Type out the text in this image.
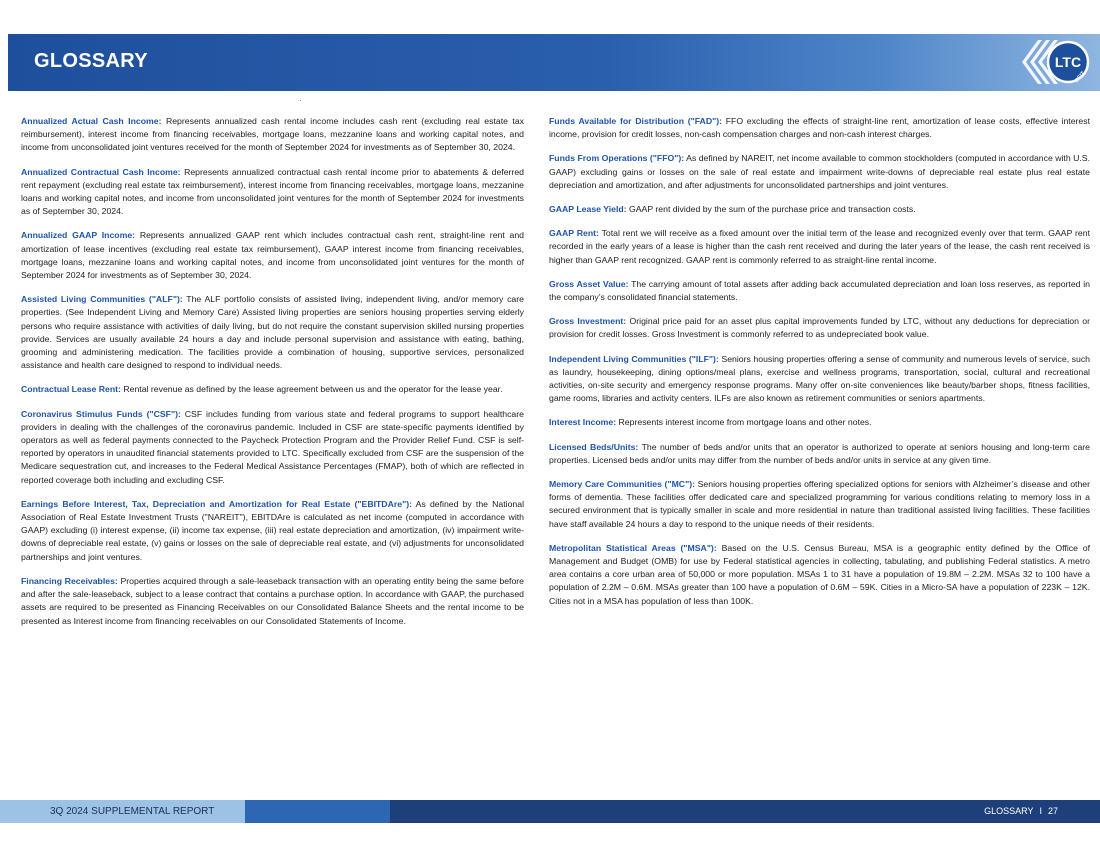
GLOSSARY	LTC
REIT
Annualized Actual Cash Income: Represents annualized cash rental income includes cash rent (excluding real estate tax reimbursement), interest income from financing receivables, mortgage loans, mezzanine loans and working capital notes, and income from unconsolidated joint ventures received for the month of September 2024 for investments as of September 30, 2024.
Annualized Contractual Cash Income: Represents annualized contractual cash rental income prior to abatements & deferred rent repayment (excluding real estate tax reimbursement), interest income from financing receivables, mortgage loans, mezzanine loans and working capital notes, and income from unconsolidated joint ventures for the month of September 2024 for investments as of September 30, 2024.
Annualized GAAP Income: Represents annualized GAAP rent which includes contractual cash rent, straight-line rent and amortization of lease incentives (excluding real estate tax reimbursement), GAAP interest income from financing receivables, mortgage loans, mezzanine loans and working capital notes, and income from unconsolidated joint ventures for the month of September 2024 for investments as of September 30, 2024.
Assisted Living Communities ("ALF"): The ALF portfolio consists of assisted living, independent living, and/or memory care properties. (See Independent Living and Memory Care) Assisted living properties are seniors housing properties serving elderly persons who require assistance with activities of daily living, but do not require the constant supervision skilled nursing properties provide. Services are usually available 24 hours a day and include personal supervision and assistance with eating, bathing, grooming and administering medication. The facilities provide a combination of housing, supportive services, personalized assistance and health care designed to respond to individual needs.
Contractual Lease Rent: Rental revenue as defined by the lease agreement between us and the operator for the lease year.
Coronavirus Stimulus Funds ("CSF"): CSF includes funding from various state and federal programs to support healthcare providers in dealing with the challenges of the coronavirus pandemic. Included in CSF are state-specific payments identified by operators as well as federal payments connected to the Paycheck Protection Program and the Provider Relief Fund. CSF is self-reported by operators in unaudited financial statements provided to LTC. Specifically excluded from CSF are the suspension of the Medicare sequestration cut, and increases to the Federal Medical Assistance Percentages (FMAP), both of which are reflected in reported coverage both including and excluding CSF.
Earnings Before Interest, Tax, Depreciation and Amortization for Real Estate ("EBITDAre"): As defined by the National Association of Real Estate Investment Trusts ("NAREIT"), EBITDAre is calculated as net income (computed in accordance with GAAP) excluding (i) interest expense, (ii) income tax expense, (iii) real estate depreciation and amortization, (iv) impairment write-downs of depreciable real estate, (v) gains or losses on the sale of depreciable real estate, and (vi) adjustments for unconsolidated partnerships and joint ventures.
Financing Receivables: Properties acquired through a sale-leaseback transaction with an operating entity being the same before and after the sale-leaseback, subject to a lease contract that contains a purchase option. In accordance with GAAP, the purchased assets are required to be presented as Financing Receivables on our Consolidated Balance Sheets and the rental income to be presented as Interest income from financing receivables on our Consolidated Statements of Income.
Funds Available for Distribution ("FAD"): FFO excluding the effects of straight-line rent, amortization of lease costs, effective interest income, provision for credit losses, non-cash compensation charges and non-cash interest charges.
Funds From Operations ("FFO"): As defined by NAREIT, net income available to common stockholders (computed in accordance with U.S. GAAP) excluding gains or losses on the sale of real estate and impairment write-downs of depreciable real estate plus real estate depreciation and amortization, and after adjustments for unconsolidated partnerships and joint ventures.
GAAP Lease Yield: GAAP rent divided by the sum of the purchase price and transaction costs.
GAAP Rent: Total rent we will receive as a fixed amount over the initial term of the lease and recognized evenly over that term. GAAP rent recorded in the early years of a lease is higher than the cash rent received and during the later years of the lease, the cash rent received is higher than GAAP rent recognized. GAAP rent is commonly referred to as straight-line rental income.
Gross Asset Value: The carrying amount of total assets after adding back accumulated depreciation and loan loss reserves, as reported in the company’s consolidated financial statements.
Gross Investment: Original price paid for an asset plus capital improvements funded by LTC, without any deductions for depreciation or provision for credit losses. Gross Investment is commonly referred to as undepreciated book value.
Independent Living Communities ("ILF"): Seniors housing properties offering a sense of community and numerous levels of service, such as laundry, housekeeping, dining options/meal plans, exercise and wellness programs, transportation, social, cultural and recreational activities, on-site security and emergency response programs. Many offer on-site conveniences like beauty/barber shops, fitness facilities, game rooms, libraries and activity centers. ILFs are also known as retirement communities or seniors apartments.
Interest Income: Represents interest income from mortgage loans and other notes.
Licensed Beds/Units: The number of beds and/or units that an operator is authorized to operate at seniors housing and long-term care properties. Licensed beds and/or units may differ from the number of beds and/or units in service at any given time.
Memory Care Communities ("MC"): Seniors housing properties offering specialized options for seniors with Alzheimer’s disease and other forms of dementia. These facilities offer dedicated care and specialized programming for various conditions relating to memory loss in a secured environment that is typically smaller in scale and more residential in nature than traditional assisted living facilities. These facilities have staff available 24 hours a day to respond to the unique needs of their residents.
Metropolitan Statistical Areas ("MSA"): Based on the U.S. Census Bureau, MSA is a geographic entity defined by the Office of Management and Budget (OMB) for use by Federal statistical agencies in collecting, tabulating, and publishing Federal statistics. A metro area contains a core urban area of 50,000 or more population. MSAs 1 to 31 have a population of 19.8M – 2.2M. MSAs 32 to 100 have a population of 2.2M – 0.6M. MSAs greater than 100 have a population of 0.6M – 59K. Cities in a Micro-SA have a population of 223K – 12K. Cities not in a MSA has population of less than 100K.
3Q 2024 SUPPLEMENTAL REPORT	GLOSSARY I 27
